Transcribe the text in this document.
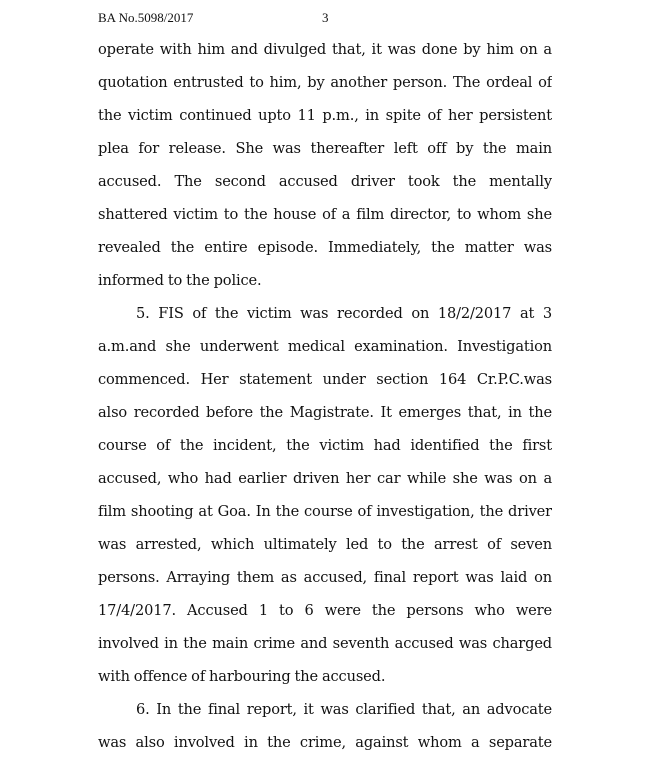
BA No.5098/2017	3
operate with him and divulged that, it was done by him on a
quotation entrusted to him, by another person. The ordeal of
the victim continued upto 11 p.m., in spite of her persistent
plea for release. She was thereafter left off by the main
accused. The second accused driver took the mentally
shattered victim to the house of a film director, to whom she
revealed the entire episode. Immediately, the matter was
informed to the police.
5. FIS of the victim was recorded on 18/2/2017 at 3
a.m.and she underwent medical examination. Investigation
commenced. Her statement under section 164 Cr.P.C.was
also recorded before the Magistrate. It emerges that, in the
course of the incident, the victim had identified the first
accused, who had earlier driven her car while she was on a
film shooting at Goa. In the course of investigation, the driver
was arrested, which ultimately led to the arrest of seven
persons. Arraying them as accused, final report was laid on
17/4/2017. Accused 1 to 6 were the persons who were
involved in the main crime and seventh accused was charged
with offence of harbouring the accused.
6. In the final report, it was clarified that, an advocate
was also involved in the crime, against whom a separate
